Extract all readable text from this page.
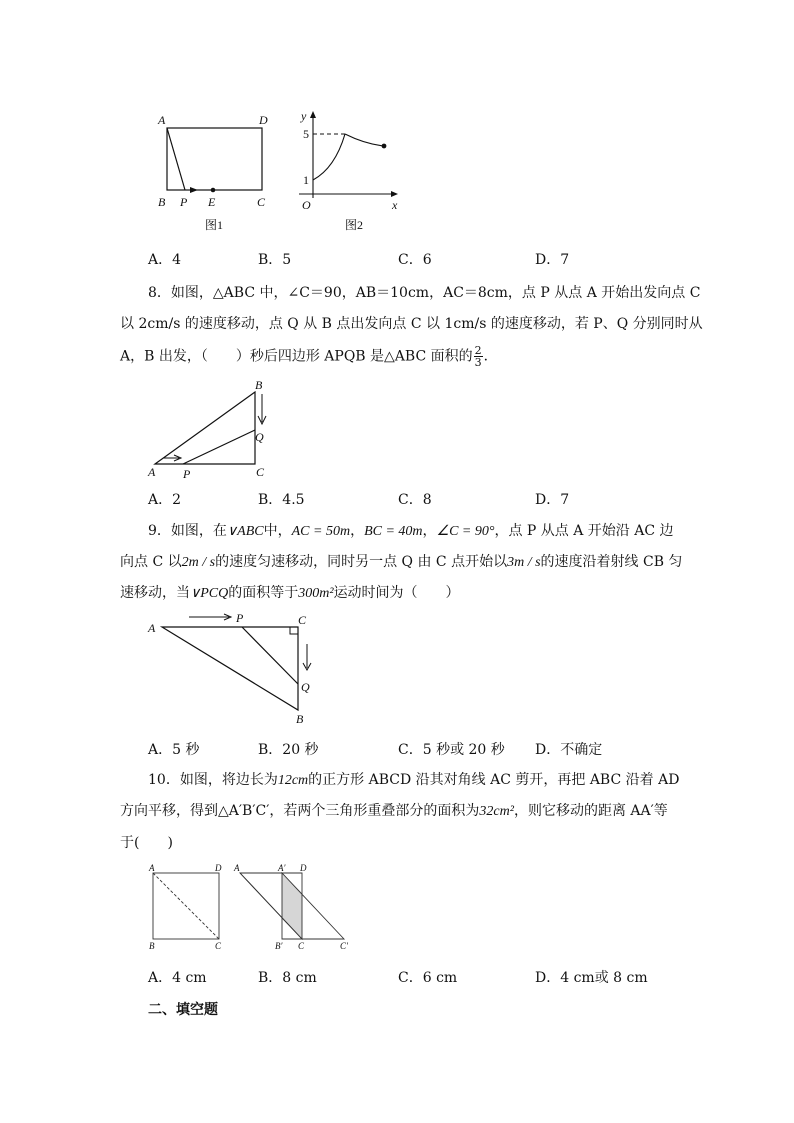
A	D
B P E	C
图1
y
5
1
O	x
图2
A．4	B．5	C．6	D．7
8．如图，△ABC 中，∠C＝90，AB＝10cm，AC＝8cm，点 P 从点 A 开始出发向点 C
以 2cm/s 的速度移动，点 Q 从 B 点出发向点 C 以 1cm/s 的速度移动，若 P、Q 分别同时从
A，B 出发，（　　）秒后四边形 APQB 是△ABC 面积的 $\frac{2}{3}$ ．
B
Q
A P	C
A．2	B．4.5	C．8	D．7
9．如图，在∨ABC中，AC = 50m，BC = 40m，∠C = 90°，点 P 从点 A 开始沿 AC 边
向点 C 以2m / s的速度匀速移动，同时另一点 Q 由 C 点开始以3m / s的速度沿着射线 CB 匀
速移动，当∨PCQ的面积等于300m²运动时间为（　　）
A
P	C
Q
B
A．5 秒	B．20 秒	C．5 秒或 20 秒 D．不确定
10．如图，将边长为12cm的正方形 ABCD 沿其对角线 AC 剪开，再把 ABC 沿着 AD
方向平移，得到△A′B′C′，若两个三角形重叠部分的面积为32cm²，则它移动的距离 AA′等
于(　　)
A	D
B	C
A	A′ D
B′ C	C′
A．4 cm	B．8 cm	C．6 cm	D．4 cm或 8 cm
二、填空题
